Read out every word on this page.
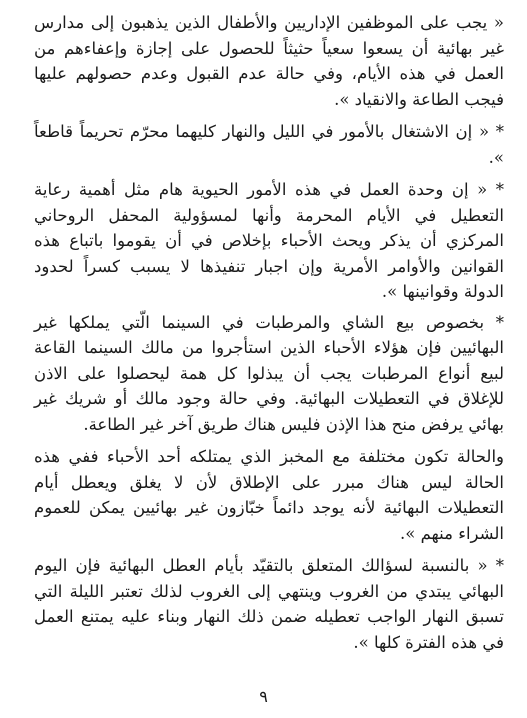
« يجب على الموظفين الإداريين والأطفال الذين يذهبون إلى مدارس غير بهائية أن يسعوا سعياً حثيثاً للحصول على إجازة وإعفاءهم من العمل في هذه الأيام، وفي حالة عدم القبول وعدم حصولهم عليها فيجب الطاعة والانقياد ».

* « إن الاشتغال بالأمور في الليل والنهار كليهما محرّم تحريماً قاطعاً ».

* « إن وحدة العمل في هذه الأمور الحيوية هام مثل أهمية رعاية التعطيل في الأيام المحرمة وأنها لمسؤولية المحفل الروحاني المركزي أن يذكر ويحث الأحباء بإخلاص في أن يقوموا باتباع هذه القوانين والأوامر الأمرية وإن اجبار تنفيذها لا يسبب كسراً لحدود الدولة وقوانينها ».

* بخصوص بيع الشاي والمرطبات في السينما الّتي يملكها غير البهائيين فإن هؤلاء الأحباء الذين استأجروا من مالك السينما القاعة لبيع أنواع المرطبات يجب أن يبذلوا كل همة ليحصلوا على الاذن للإغلاق في التعطيلات البهائية. وفي حالة وجود مالك أو شريك غير بهائي يرفض منح هذا الإذن فليس هناك طريق آخر غير الطاعة.

والحالة تكون مختلفة مع المخبز الذي يمتلكه أحد الأحباء ففي هذه الحالة ليس هناك مبرر على الإطلاق لأن لا يغلق ويعطل أيام التعطيلات البهائية لأنه يوجد دائماً خبّازون غير بهائيين يمكن للعموم الشراء منهم ».

* « بالنسبة لسؤالك المتعلق بالتقيّد بأيام العطل البهائية فإن اليوم البهائي يبتدي من الغروب وينتهي إلى الغروب لذلك تعتبر الليلة التي تسبق النهار الواجب تعطيله ضمن ذلك النهار وبناء عليه يمتنع العمل في هذه الفترة كلها ».

٩
